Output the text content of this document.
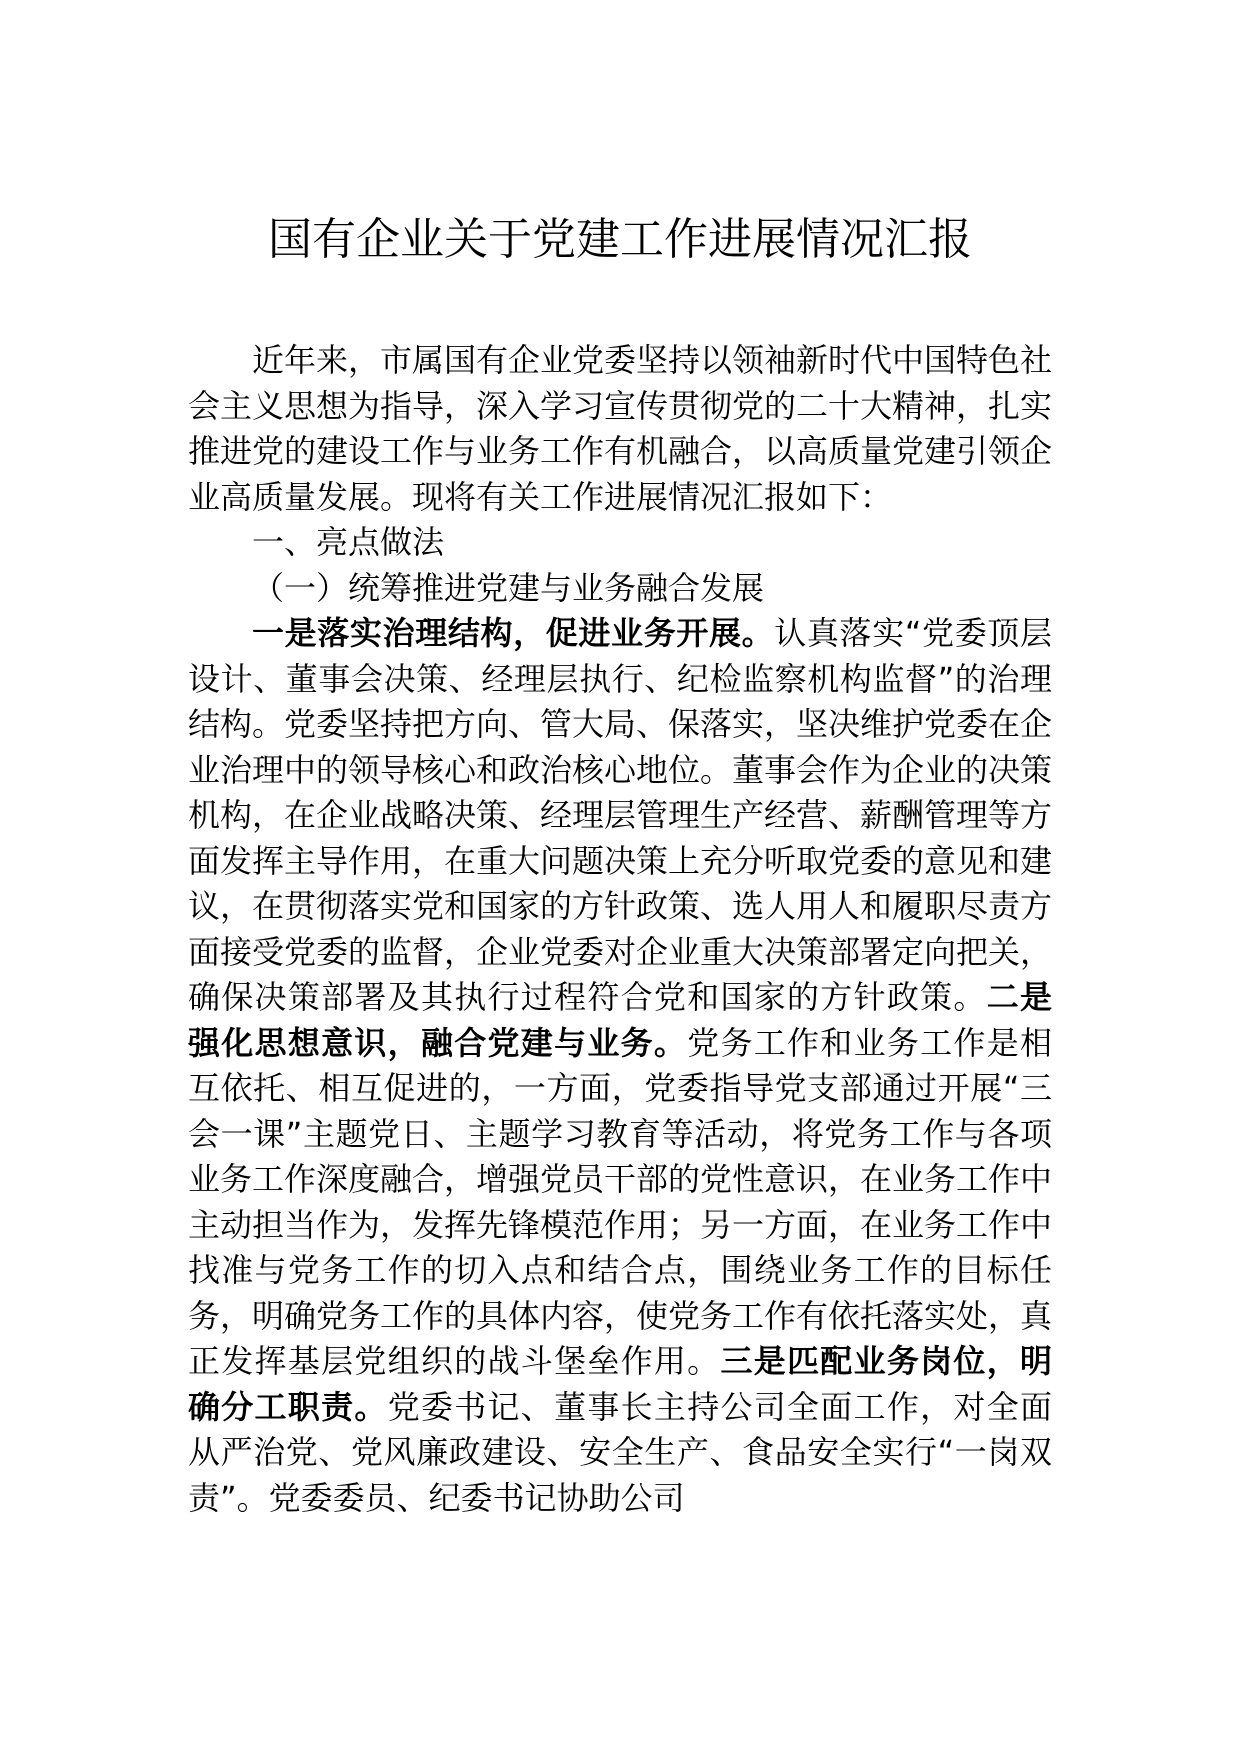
国有企业关于党建工作进展情况汇报

近年来，市属国有企业党委坚持以领袖新时代中国特色社会主义思想为指导，深入学习宣传贯彻党的二十大精神，扎实推进党的建设工作与业务工作有机融合，以高质量党建引领企业高质量发展。现将有关工作进展情况汇报如下：

一、亮点做法

（一）统筹推进党建与业务融合发展

一是落实治理结构，促进业务开展。认真落实“党委顶层设计、董事会决策、经理层执行、纪检监察机构监督”的治理结构。党委坚持把方向、管大局、保落实，坚决维护党委在企业治理中的领导核心和政治核心地位。董事会作为企业的决策机构，在企业战略决策、经理层管理生产经营、薪酬管理等方面发挥主导作用，在重大问题决策上充分听取党委的意见和建议，在贯彻落实党和国家的方针政策、选人用人和履职尽责方面接受党委的监督，企业党委对企业重大决策部署定向把关，确保决策部署及其执行过程符合党和国家的方针政策。二是强化思想意识，融合党建与业务。党务工作和业务工作是相互依托、相互促进的，一方面，党委指导党支部通过开展“三会一课”主题党日、主题学习教育等活动，将党务工作与各项业务工作深度融合，增强党员干部的党性意识，在业务工作中主动担当作为，发挥先锋模范作用；另一方面，在业务工作中找准与党务工作的切入点和结合点，围绕业务工作的目标任务，明确党务工作的具体内容，使党务工作有依托落实处，真正发挥基层党组织的战斗堡垒作用。三是匹配业务岗位，明确分工职责。党委书记、董事长主持公司全面工作，对全面从严治党、党风廉政建设、安全生产、食品安全实行“一岗双责”。党委委员、纪委书记协助公司
